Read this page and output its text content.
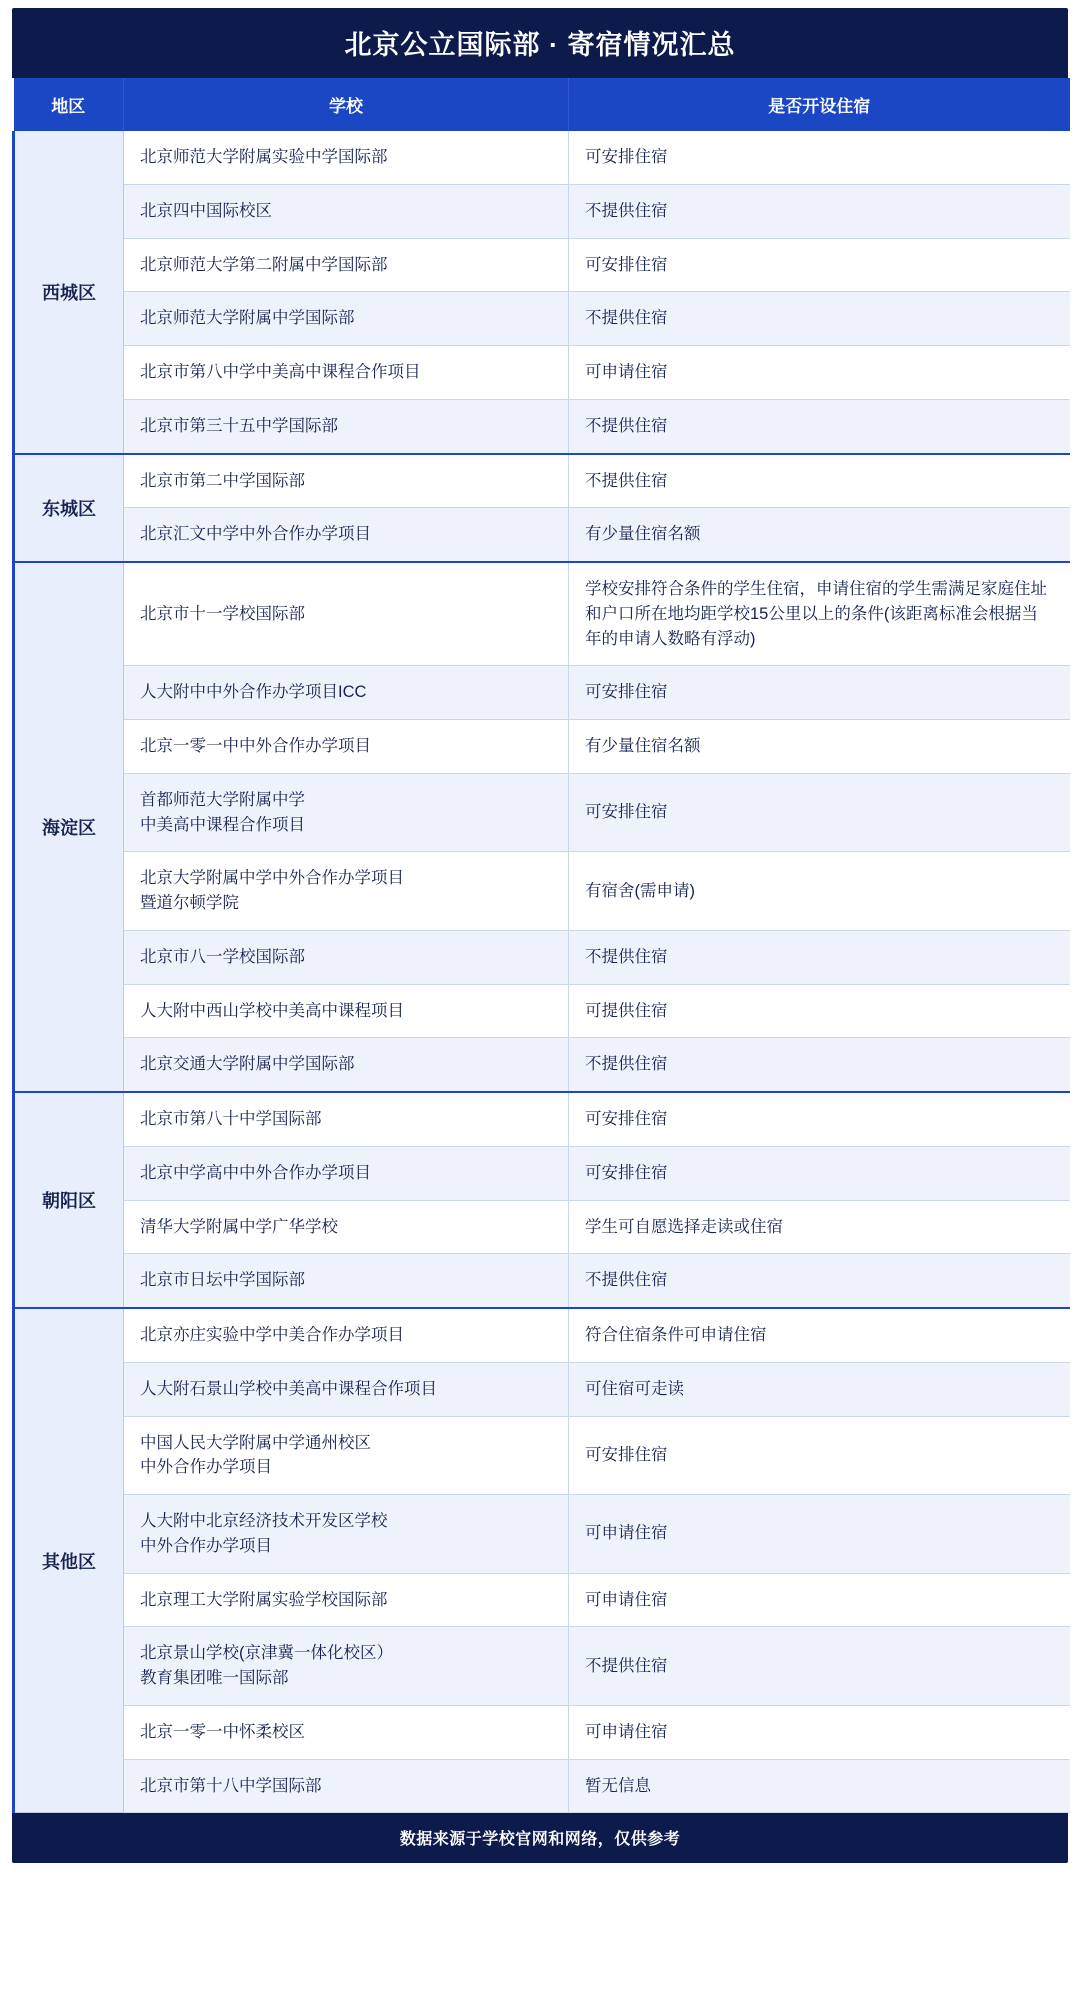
北京公立国际部 · 寄宿情况汇总
地区	学校	是否开设住宿
西城区	北京师范大学附属实验中学国际部	可安排住宿
	北京四中国际校区	不提供住宿
	北京师范大学第二附属中学国际部	可安排住宿
	北京师范大学附属中学国际部	不提供住宿
	北京市第八中学中美高中课程合作项目	可申请住宿
	北京市第三十五中学国际部	不提供住宿
东城区	北京市第二中学国际部	不提供住宿
	北京汇文中学中外合作办学项目	有少量住宿名额
海淀区	北京市十一学校国际部	学校安排符合条件的学生住宿，申请住宿的学生需满足家庭住址和户口所在地均距学校15公里以上的条件(该距离标准会根据当年的申请人数略有浮动)
	人大附中中外合作办学项目ICC	可安排住宿
	北京一零一中中外合作办学项目	有少量住宿名额
	首都师范大学附属中学
中美高中课程合作项目	可安排住宿
	北京大学附属中学中外合作办学项目
暨道尔顿学院	有宿舍(需申请)
	北京市八一学校国际部	不提供住宿
	人大附中西山学校中美高中课程项目	可提供住宿
	北京交通大学附属中学国际部	不提供住宿
朝阳区	北京市第八十中学国际部	可安排住宿
	北京中学高中中外合作办学项目	可安排住宿
	清华大学附属中学广华学校	学生可自愿选择走读或住宿
	北京市日坛中学国际部	不提供住宿
其他区	北京亦庄实验中学中美合作办学项目	符合住宿条件可申请住宿
	人大附石景山学校中美高中课程合作项目	可住宿可走读
	中国人民大学附属中学通州校区
中外合作办学项目	可安排住宿
	人大附中北京经济技术开发区学校
中外合作办学项目	可申请住宿
	北京理工大学附属实验学校国际部	可申请住宿
	北京景山学校(京津冀一体化校区）
教育集团唯一国际部	不提供住宿
	北京一零一中怀柔校区	可申请住宿
	北京市第十八中学国际部	暂无信息
数据来源于学校官网和网络，仅供参考
